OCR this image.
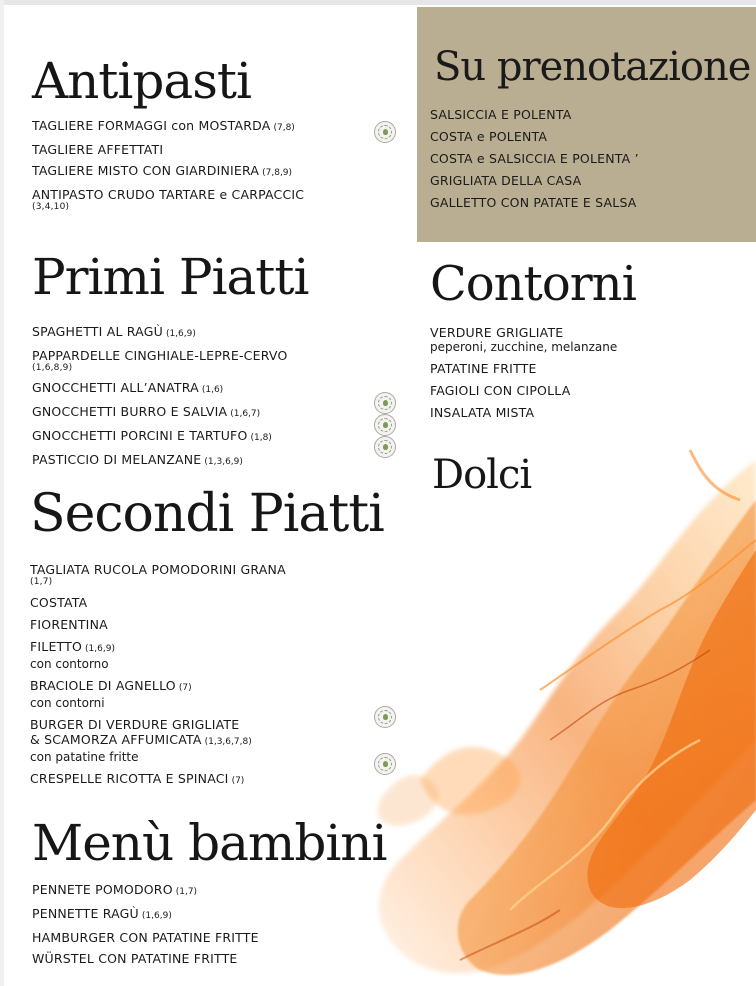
Su prenotazione
SALSICCIA E POLENTA
COSTA e POLENTA
COSTA e SALSICCIA E POLENTA ’
GRIGLIATA DELLA CASA
GALLETTO CON PATATE E SALSA
Antipasti
TAGLIERE FORMAGGI con MOSTARDA (7,8)
TAGLIERE AFFETTATI
TAGLIERE MISTO CON GIARDINIERA (7,8,9)
ANTIPASTO CRUDO TARTARE e CARPACCIC
(3,4,10)
Primi Piatti
SPAGHETTI AL RAGÙ (1,6,9)
PAPPARDELLE CINGHIALE-LEPRE-CERVO
(1,6,8,9)
GNOCCHETTI ALL’ANATRA (1,6)
GNOCCHETTI BURRO E SALVIA (1,6,7)
GNOCCHETTI PORCINI E TARTUFO (1,8)
PASTICCIO DI MELANZANE (1,3,6,9)
Contorni
VERDURE GRIGLIATE
peperoni, zucchine, melanzane
PATATINE FRITTE
FAGIOLI CON CIPOLLA
INSALATA MISTA
Dolci
Secondi Piatti
TAGLIATA RUCOLA POMODORINI GRANA
(1,7)
COSTATA
FIORENTINA
FILETTO (1,6,9)
con contorno
BRACIOLE DI AGNELLO (7)
con contorni
BURGER DI VERDURE GRIGLIATE
& SCAMORZA AFFUMICATA (1,3,6,7,8)
con patatine fritte
CRESPELLE RICOTTA E SPINACI (7)
Menù bambini
PENNETE POMODORO (1,7)
PENNETTE RAGÙ (1,6,9)
HAMBURGER CON PATATINE FRITTE
WÜRSTEL CON PATATINE FRITTE
